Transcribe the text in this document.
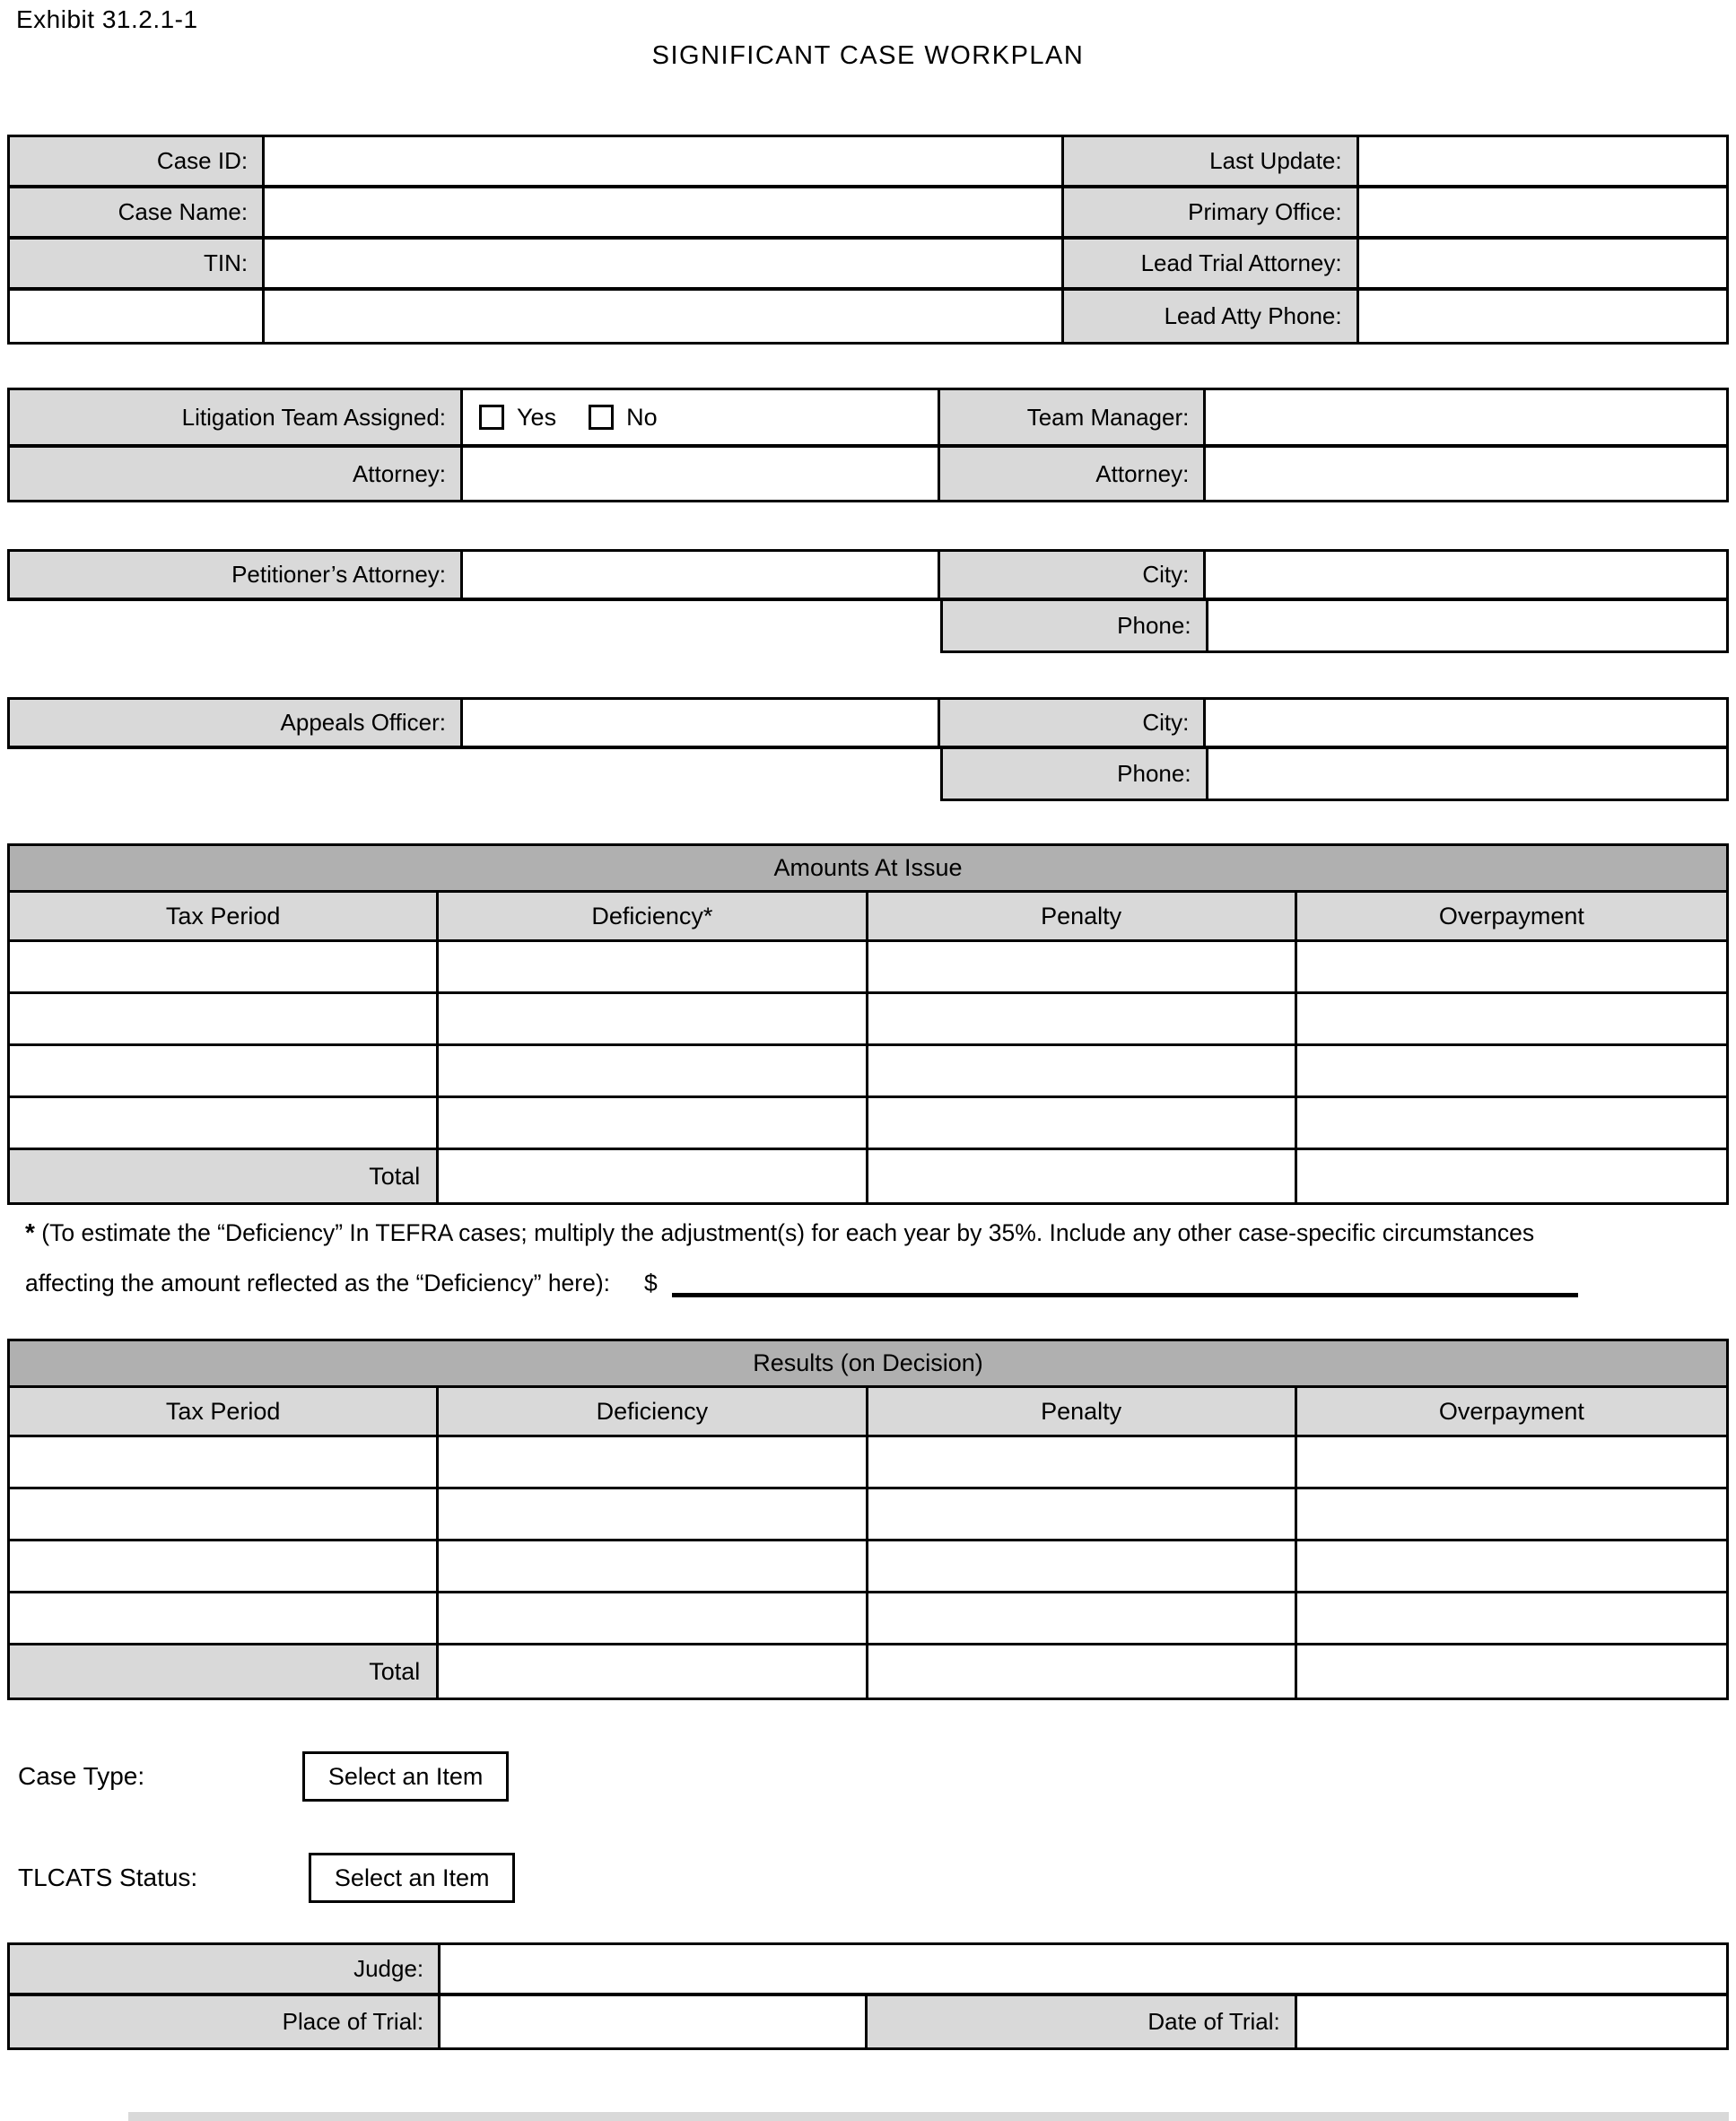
Exhibit 31.2.1-1
SIGNIFICANT CASE WORKPLAN
Case ID:	Last Update:
Case Name:	Primary Office:
TIN:	Lead Trial Attorney:
Lead Atty Phone:
Litigation Team Assigned:	Yes	No	Team Manager:
Attorney:	Attorney:
Petitioner’s Attorney:	City:
Phone:
Appeals Officer:	City:
Phone:
Amounts At Issue
Tax Period	Deficiency*	Penalty	Overpayment
Total
* (To estimate the “Deficiency” In TEFRA cases; multiply the adjustment(s) for each year by 35%. Include any other case-specific circumstances
affecting the amount reflected as the “Deficiency” here): $
Results (on Decision)
Tax Period	Deficiency	Penalty	Overpayment
Total
Case Type:	Select an Item
TLCATS Status:	Select an Item
Judge:
Place of Trial:	Date of Trial:
